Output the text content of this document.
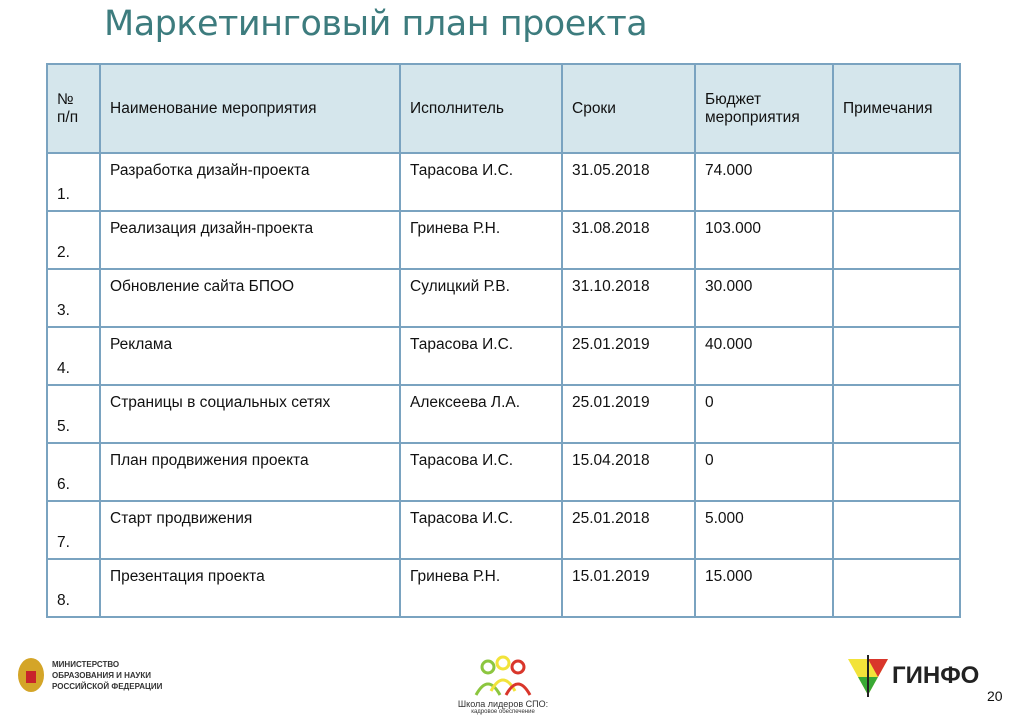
Маркетинговый план проекта
№ п/п	Наименование мероприятия	Исполнитель	Сроки	Бюджет мероприятия	Примечания
1.	Разработка дизайн-проекта	Тарасова И.С.	31.05.2018	74.000	
2.	Реализация дизайн-проекта	Гринева Р.Н.	31.08.2018	103.000	
3.	Обновление сайта БПОО	Сулицкий Р.В.	31.10.2018	30.000	
4.	Реклама	Тарасова И.С.	25.01.2019	40.000	
5.	Страницы в социальных сетях	Алексеева Л.А.	25.01.2019	0	
6.	План продвижения проекта	Тарасова И.С.	15.04.2018	0	
7.	Старт продвижения	Тарасова И.С.	25.01.2018	5.000	
8.	Презентация проекта	Гринева Р.Н.	15.01.2019	15.000	
МИНИСТЕРСТВО ОБРАЗОВАНИЯ И НАУКИ РОССИЙСКОЙ ФЕДЕРАЦИИ
Школа лидеров СПО:
кадровое обеспечение
ГИНФО
20
